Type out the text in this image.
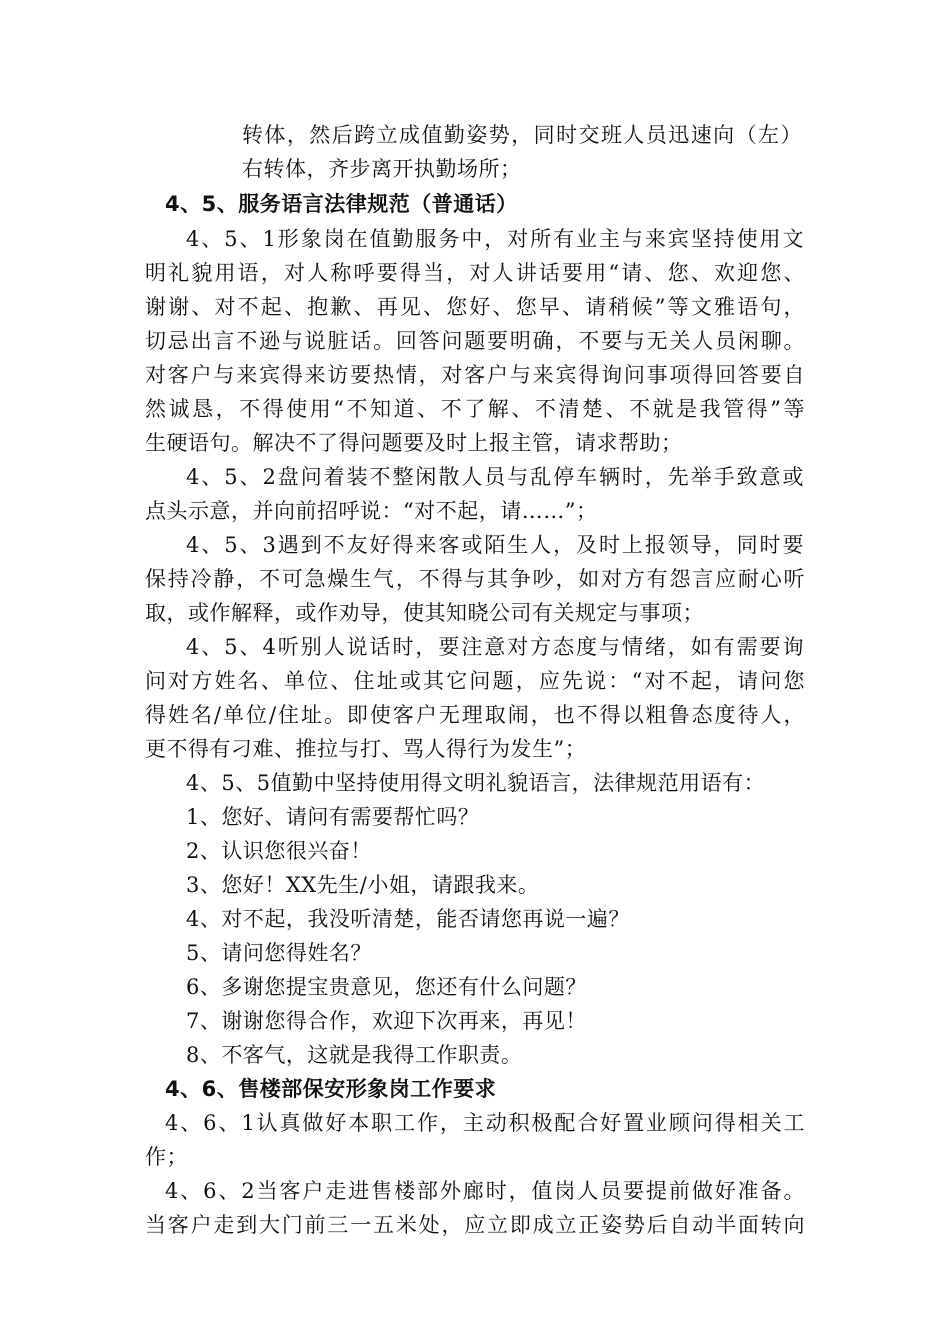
转体，然后跨立成值勤姿势，同时交班人员迅速向（左）
右转体，齐步离开执勤场所；
4、5、服务语言法律规范（普通话）
4、5、1形象岗在值勤服务中，对所有业主与来宾坚持使用文
明礼貌用语，对人称呼要得当，对人讲话要用“请、您、欢迎您、
谢谢、对不起、抱歉、再见、您好、您早、请稍候”等文雅语句，
切忌出言不逊与说脏话。回答问题要明确，不要与无关人员闲聊。
对客户与来宾得来访要热情，对客户与来宾得询问事项得回答要自
然诚恳，不得使用“不知道、不了解、不清楚、不就是我管得”等
生硬语句。解决不了得问题要及时上报主管，请求帮助；
4、5、2盘问着装不整闲散人员与乱停车辆时，先举手致意或
点头示意，并向前招呼说：“对不起，请……”；
4、5、3遇到不友好得来客或陌生人，及时上报领导，同时要
保持冷静，不可急燥生气，不得与其争吵，如对方有怨言应耐心听
取，或作解释，或作劝导，使其知晓公司有关规定与事项；
4、5、4听别人说话时，要注意对方态度与情绪，如有需要询
问对方姓名、单位、住址或其它问题，应先说：“对不起，请问您
得姓名/单位/住址。即使客户无理取闹，也不得以粗鲁态度待人，
更不得有刁难、推拉与打、骂人得行为发生”；
4、5、5值勤中坚持使用得文明礼貌语言，法律规范用语有：
1、您好、请问有需要帮忙吗？
2、认识您很兴奋！
3、您好！XX先生/小姐，请跟我来。
4、对不起，我没听清楚，能否请您再说一遍？
5、请问您得姓名？
6、多谢您提宝贵意见，您还有什么问题？
7、谢谢您得合作，欢迎下次再来，再见！
8、不客气，这就是我得工作职责。
4、6、售楼部保安形象岗工作要求
4、6、1认真做好本职工作，主动积极配合好置业顾问得相关工
作；
4、6、2当客户走进售楼部外廊时，值岗人员要提前做好准备。
当客户走到大门前三一五米处，应立即成立正姿势后自动半面转向
